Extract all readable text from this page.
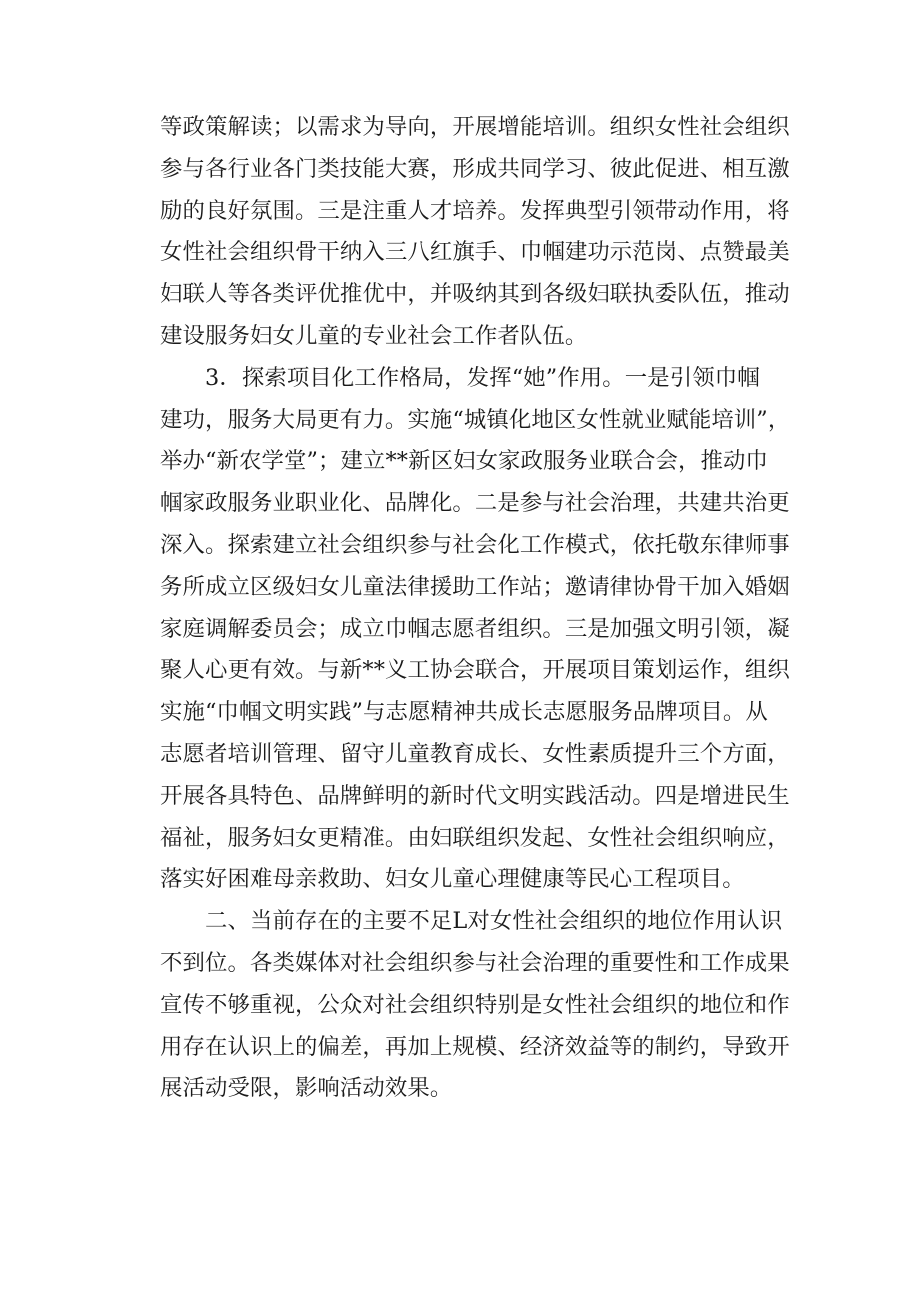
等政策解读；以需求为导向，开展增能培训。组织女性社会组织
参与各行业各门类技能大赛，形成共同学习、彼此促进、相互激
励的良好氛围。三是注重人才培养。发挥典型引领带动作用，将
女性社会组织骨干纳入三八红旗手、巾帼建功示范岗、点赞最美
妇联人等各类评优推优中，并吸纳其到各级妇联执委队伍，推动
建设服务妇女儿童的专业社会工作者队伍。
3．探索项目化工作格局，发挥“她”作用。一是引领巾帼
建功，服务大局更有力。实施“城镇化地区女性就业赋能培训”，
举办“新农学堂”；建立**新区妇女家政服务业联合会，推动巾
帼家政服务业职业化、品牌化。二是参与社会治理，共建共治更
深入。探索建立社会组织参与社会化工作模式，依托敬东律师事
务所成立区级妇女儿童法律援助工作站；邀请律协骨干加入婚姻
家庭调解委员会；成立巾帼志愿者组织。三是加强文明引领，凝
聚人心更有效。与新**义工协会联合，开展项目策划运作，组织
实施“巾帼文明实践”与志愿精神共成长志愿服务品牌项目。从
志愿者培训管理、留守儿童教育成长、女性素质提升三个方面，
开展各具特色、品牌鲜明的新时代文明实践活动。四是增进民生
福祉，服务妇女更精准。由妇联组织发起、女性社会组织响应，
落实好困难母亲救助、妇女儿童心理健康等民心工程项目。
二、当前存在的主要不足L对女性社会组织的地位作用认识
不到位。各类媒体对社会组织参与社会治理的重要性和工作成果
宣传不够重视，公众对社会组织特别是女性社会组织的地位和作
用存在认识上的偏差，再加上规模、经济效益等的制约，导致开
展活动受限，影响活动效果。
